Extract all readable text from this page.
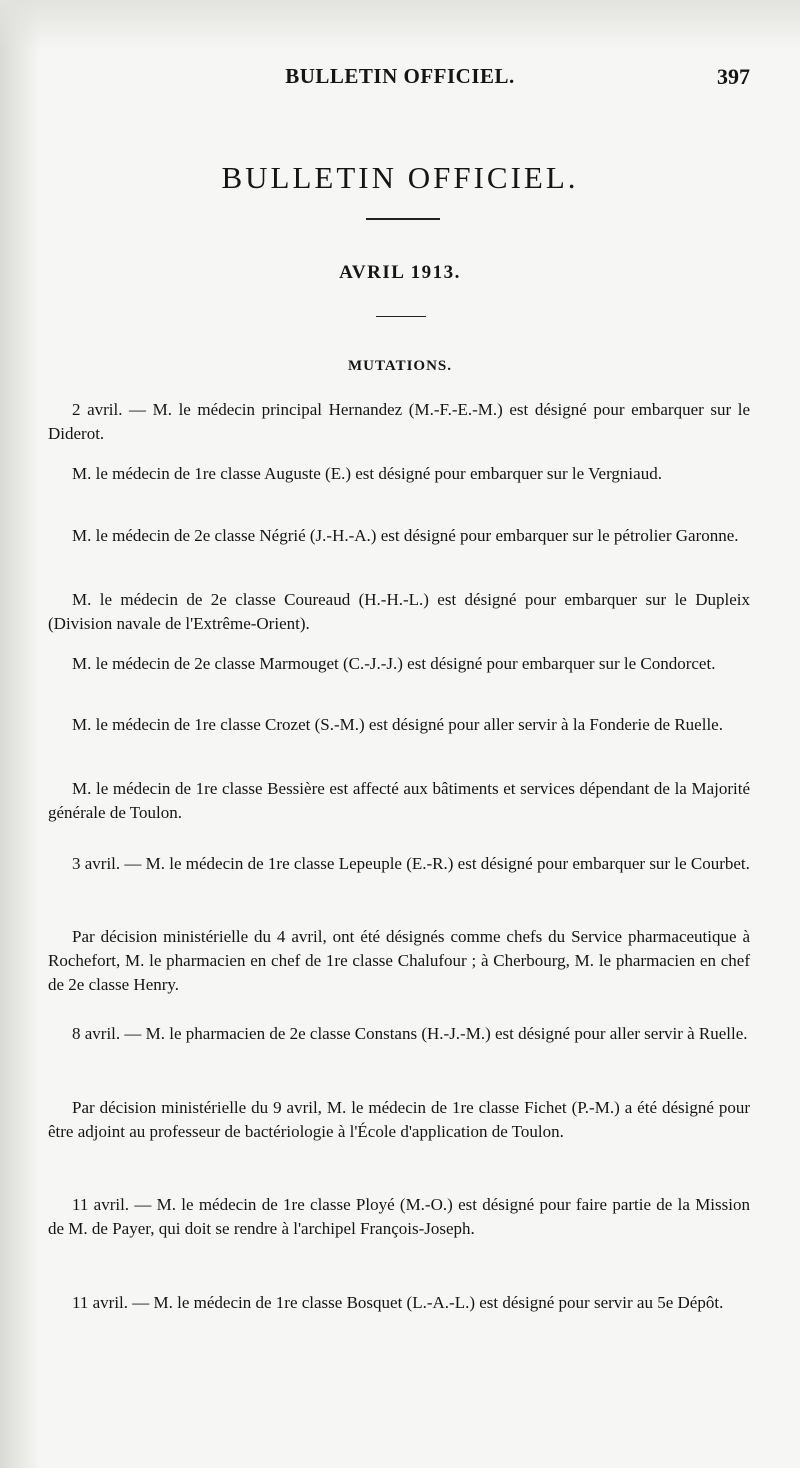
BULLETIN OFFICIEL.	397
BULLETIN OFFICIEL.
AVRIL 1913.
MUTATIONS.

2 avril. — M. le médecin principal Hernandez (M.-F.-E.-M.) est désigné pour embarquer sur le Diderot.

M. le médecin de 1re classe Auguste (E.) est désigné pour embarquer sur le Vergniaud.

M. le médecin de 2e classe Négrié (J.-H.-A.) est désigné pour embarquer sur le pétrolier Garonne.

M. le médecin de 2e classe Coureaud (H.-H.-L.) est désigné pour embarquer sur le Dupleix (Division navale de l'Extrême-Orient).

M. le médecin de 2e classe Marmouget (C.-J.-J.) est désigné pour embarquer sur le Condorcet.

M. le médecin de 1re classe Crozet (S.-M.) est désigné pour aller servir à la Fonderie de Ruelle.

M. le médecin de 1re classe Bessière est affecté aux bâtiments et services dépendant de la Majorité générale de Toulon.

3 avril. — M. le médecin de 1re classe Lepeuple (E.-R.) est désigné pour embarquer sur le Courbet.

Par décision ministérielle du 4 avril, ont été désignés comme chefs du Service pharmaceutique à Rochefort, M. le pharmacien en chef de 1re classe Chalufour ; à Cherbourg, M. le pharmacien en chef de 2e classe Henry.

8 avril. — M. le pharmacien de 2e classe Constans (H.-J.-M.) est désigné pour aller servir à Ruelle.

Par décision ministérielle du 9 avril, M. le médecin de 1re classe Fichet (P.-M.) a été désigné pour être adjoint au professeur de bactériologie à l'École d'application de Toulon.

11 avril. — M. le médecin de 1re classe Ployé (M.-O.) est désigné pour faire partie de la Mission de M. de Payer, qui doit se rendre à l'archipel François-Joseph.

11 avril. — M. le médecin de 1re classe Bosquet (L.-A.-L.) est désigné pour servir au 5e Dépôt.
